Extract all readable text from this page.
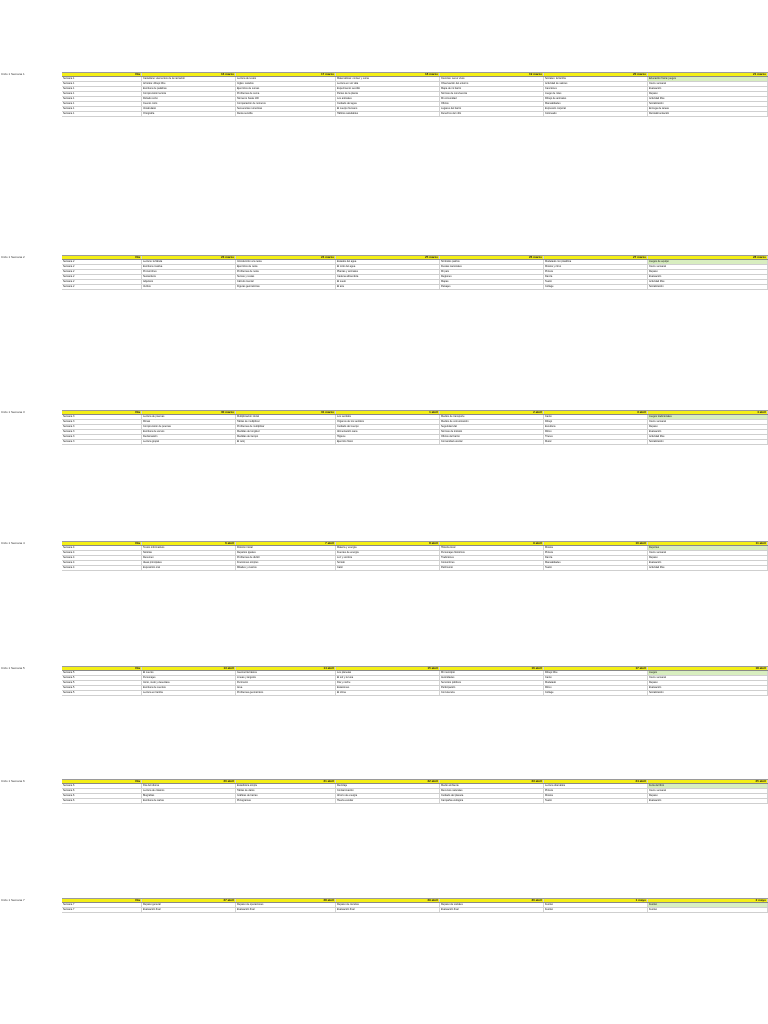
Ciclo 1 Semana 1	Día	16 marzo	17 marzo	18 marzo	19 marzo	20 marzo	21 marzo
Semana 1	Castellano: elementos de la narración	Lectura de textos	Matemáticas: conteo y suma	Ciencias: seres vivos	Sociales: la familia	Educación física: juegos
Semana 1	Artística: dibujo libre	Inglés: saludos	Lectura en voz alta	Observación del entorno	Actividad de valores	Cierre semanal
Semana 1	Escritura de palabras	Ejercicios de sumas	Experimento sencillo	Mapa de mi barrio	Canciones	Evaluación
Semana 1	Comprensión lectora	Problemas de suma	Partes de la planta	Normas de convivencia	Juego de roles	Repaso
Semana 1	Dictado corto	Números hasta 100	Los animales	Mi comunidad	Dibujo de animales	Actividad libre
Semana 1	Cuento corto	Comparación de números	Cuidado del agua	Oficios	Manualidades	Socialización
Semana 1	Vocabulario	Secuencias numéricas	El cuerpo humano	Lugares del barrio	Expresión corporal	Entrega de tareas
Semana 1	Ortografía	Resta sencilla	Hábitos saludables	Derechos del niño	Coloreado	Retroalimentación
Ciclo 1 Semana 2	Día	23 marzo	24 marzo	25 marzo	26 marzo	27 marzo	28 marzo
Semana 2	Lectura: la fábula	Introducción a la resta	Estados del agua	Símbolos patrios	Modelado con plastilina	Juegos de equipo
Semana 2	Escritura creativa	Ejercicios de resta	El ciclo del agua	Fiestas nacionales	Música y ritmo	Cierre semanal
Semana 2	Pronombres	Problemas de resta	Plantas y animales	Mi país	Pintura	Repaso
Semana 2	Sustantivos	Sumas y restas	Cadena alimenticia	Regiones	Danza	Evaluación
Semana 2	Adjetivos	Cálculo mental	El suelo	Mapas	Teatro	Actividad libre
Semana 2	Verbos	Figuras geométricas	El aire	Paisajes	Collage	Socialización
Ciclo 1 Semana 3	Día	30 marzo	31 marzo	1 abril	2 abril	3 abril	4 abril
Semana 3	Lectura de poemas	Multiplicación inicial	Los sentidos	Medios de transporte	Canto	Juegos tradicionales
Semana 3	Rimas	Tablas de multiplicar	Órganos de los sentidos	Medios de comunicación	Dibujo	Cierre semanal
Semana 3	Comprensión de poemas	Problemas de multiplicar	Cuidado del cuerpo	Seguridad vial	Escultura	Repaso
Semana 3	Escritura de versos	Medidas de longitud	Alimentación sana	Normas de tránsito	Ritmo	Evaluación
Semana 3	Declamación	Medidas de tiempo	Higiene	Oficios del barrio	Títeres	Actividad libre
Semana 3	Lectura grupal	El reloj	Ejercicio físico	Comunidad escolar	Mural	Socialización
Ciclo 1 Semana 4	Día	6 abril	7 abril	8 abril	9 abril	10 abril	11 abril
Semana 4	Textos informativos	División inicial	Materia y energía	Historia local	Música	Deportes
Semana 4	Noticias	Repartos iguales	Fuentes de energía	Personajes históricos	Pintura	Cierre semanal
Semana 4	Resumen	Problemas de dividir	Luz y sombra	Tradiciones	Danza	Repaso
Semana 4	Ideas principales	Fracciones simples	Sonido	Costumbres	Manualidades	Evaluación
Semana 4	Exposición oral	Mitades y cuartos	Calor	Patrimonio	Teatro	Actividad libre
Ciclo 1 Semana 5	Día	13 abril	14 abril	15 abril	16 abril	17 abril	18 abril
Semana 5	El cuento	Geometría básica	Los planetas	Mi municipio	Dibujo libre	Juegos
Semana 5	Personajes	Líneas y ángulos	El sol y la luna	Autoridades	Canto	Cierre semanal
Semana 5	Inicio, nudo y desenlace	Perímetro	Día y noche	Servicios públicos	Modelado	Repaso
Semana 5	Escritura de cuentos	Área	Estaciones	Participación	Ritmo	Evaluación
Semana 5	Lectura en familia	Problemas geométricos	El clima	Convivencia	Collage	Socialización
Ciclo 1 Semana 6	Día	20 abril	21 abril	22 abril	23 abril	24 abril	25 abril
Semana 6	Día del idioma	Estadística simple	Reciclaje	Medio ambiente	Lectura dramática	Feria del libro
Semana 6	Lectura de clásicos	Tablas de datos	Contaminación	Recursos naturales	Pintura	Cierre semanal
Semana 6	Biografías	Gráficas de barras	Ahorro de energía	Cuidado del planeta	Música	Repaso
Semana 6	Escritura de cartas	Pictogramas	Huerta escolar	Campaña ecológica	Teatro	Evaluación
Ciclo 1 Semana 7	Día	27 abril	28 abril	29 abril	30 abril	1 mayo	2 mayo
Semana 7	Repaso general	Repaso de operaciones	Repaso de ciencias	Repaso de sociales	Festivo	Festivo
Semana 7	Evaluación final	Evaluación final	Evaluación final	Evaluación final	Festivo	Festivo
